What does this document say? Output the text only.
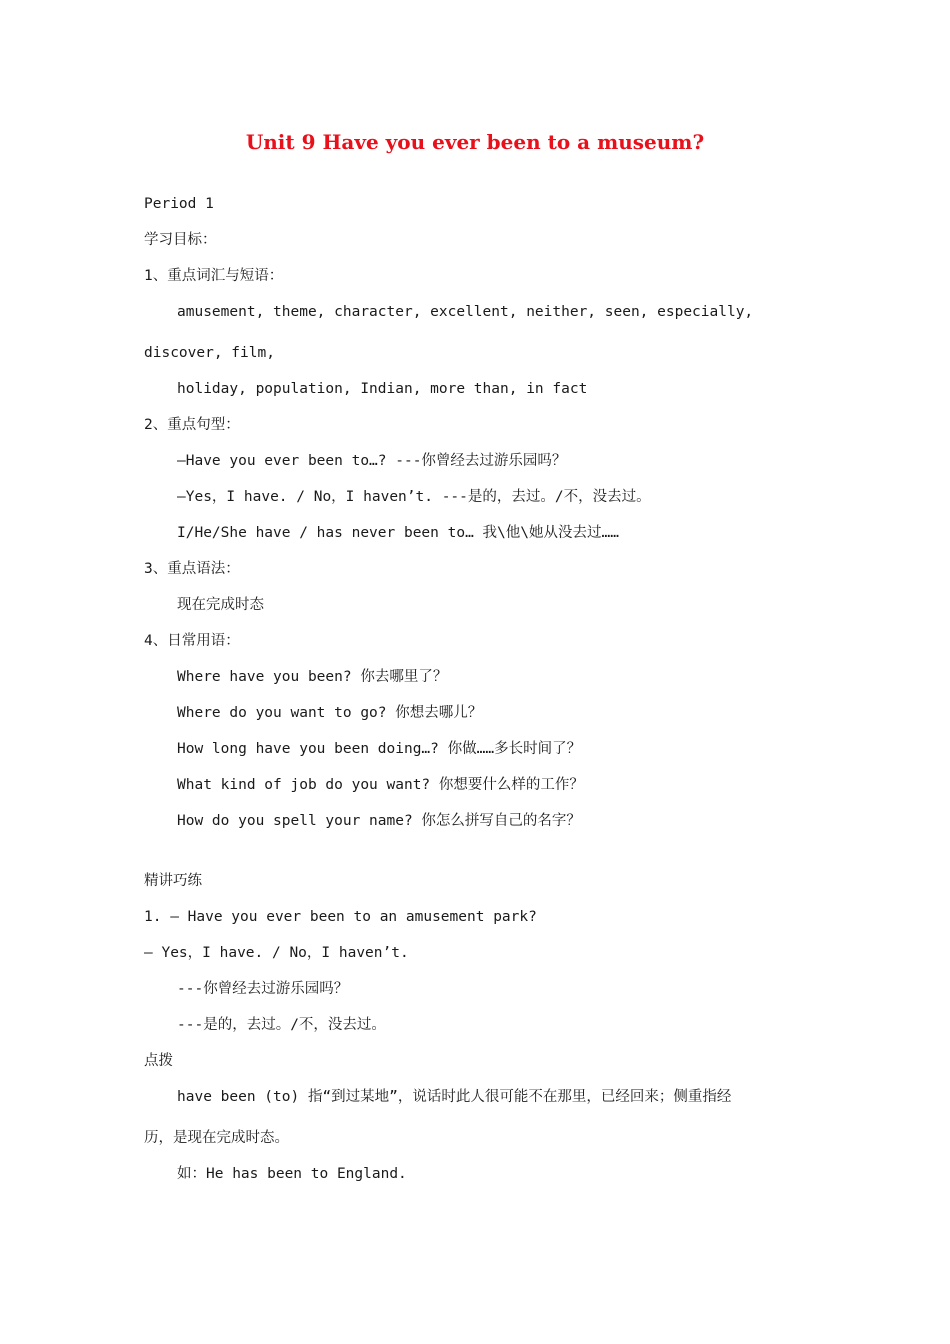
Unit 9 Have you ever been to a museum?
Period 1
学习目标：
1、重点词汇与短语：
amusement, theme, character, excellent, neither, seen, especially,
discover, film,
holiday, population, Indian, more than, in fact
2、重点句型：
—Have you ever been to…? ---你曾经去过游乐园吗？
—Yes，I have. / No，I haven’t. ---是的，去过。/不，没去过。
I/He/She have / has never been to… 我\他\她从没去过……
3、重点语法：
现在完成时态
4、日常用语：
Where have you been? 你去哪里了？
Where do you want to go? 你想去哪儿？
How long have you been doing…? 你做……多长时间了？
What kind of job do you want? 你想要什么样的工作？
How do you spell your name? 你怎么拼写自己的名字？
精讲巧练
1. — Have you ever been to an amusement park?
— Yes，I have. / No，I haven’t.
---你曾经去过游乐园吗？
---是的，去过。/不，没去过。
点拨
have been (to) 指“到过某地”，说话时此人很可能不在那里，已经回来；侧重指经
历，是现在完成时态。
如：He has been to England.
